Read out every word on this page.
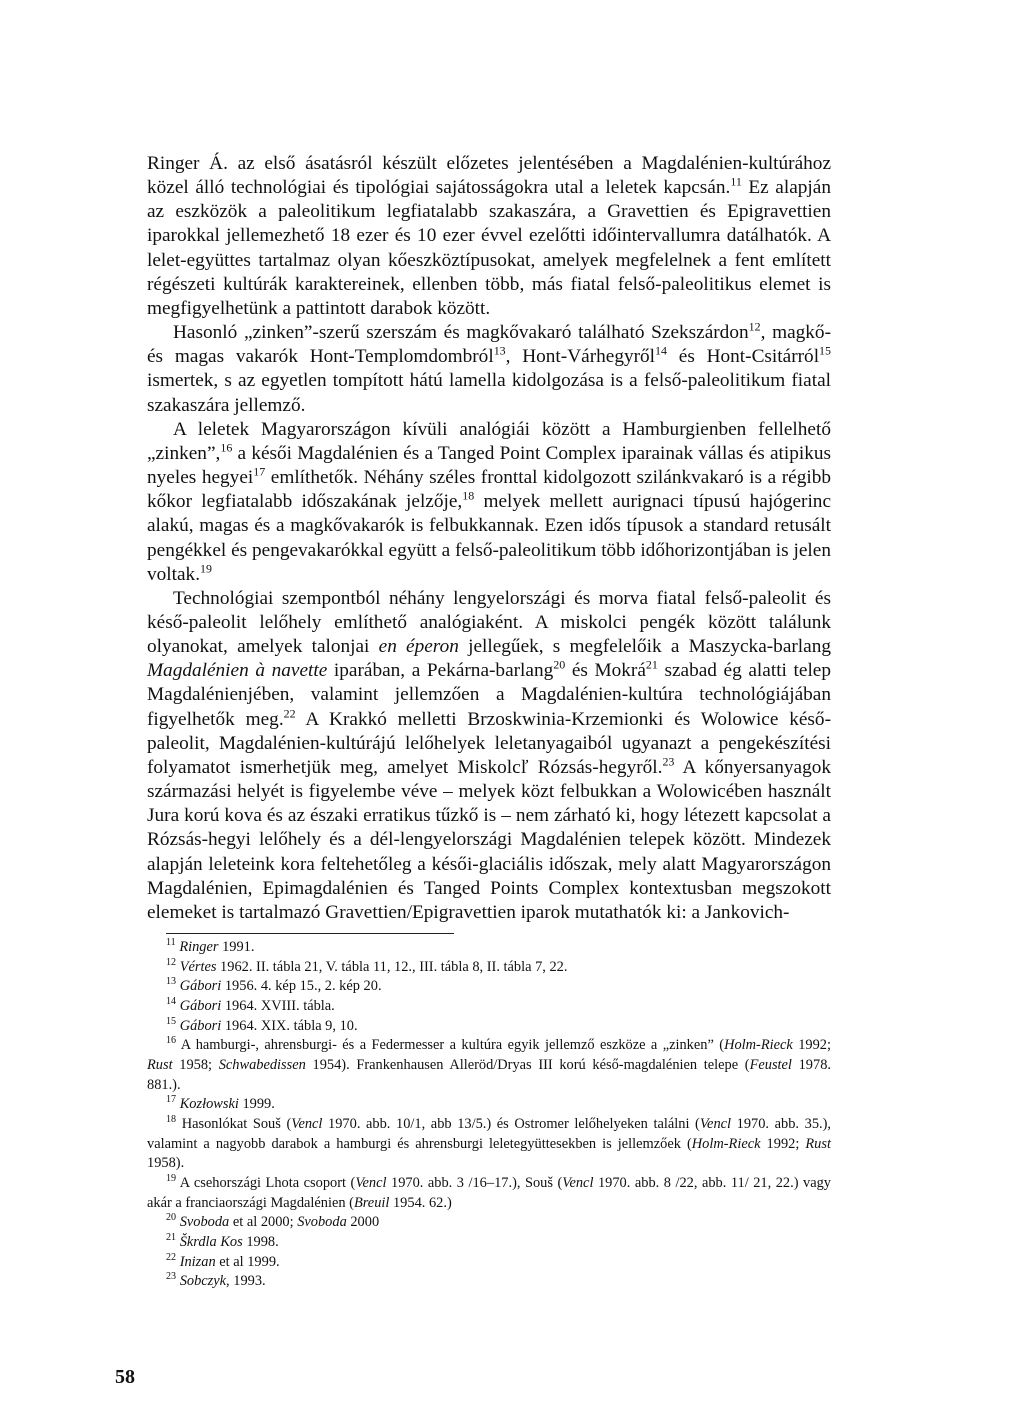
Ringer Á. az első ásatásról készült előzetes jelentésében a Magdalénien-kultúrához közel álló technológiai és tipológiai sajátosságokra utal a leletek kapcsán.$^{11}$ Ez alapján az eszközök a paleolitikum legfiatalabb szakaszára, a Gravettien és Epigravettien iparokkal jellemezhető 18 ezer és 10 ezer évvel ezelőtti időintervallumra datálhatók. A lelet-együttes tartalmaz olyan kőeszköztípusokat, amelyek megfelelnek a fent említett régészeti kultúrák karaktereinek, ellenben több, más fiatal felső-paleolitikus elemet is megfigyelhetünk a pattintott darabok között.

Hasonló „zinken”-szerű szerszám és magkővakaró található Szekszárdon$^{12}$, magkő- és magas vakarók Hont-Templomdombról$^{13}$, Hont-Várhegyről$^{14}$ és Hont-Csitárról$^{15}$ ismertek, s az egyetlen tompított hátú lamella kidolgozása is a felső-paleolitikum fiatal szakaszára jellemző.

A leletek Magyarországon kívüli analógiái között a Hamburgienben fellelhető „zinken”,$^{16}$ a késői Magdalénien és a Tanged Point Complex iparainak vállas és atipikus nyeles hegyei$^{17}$ említhetők. Néhány széles fronttal kidolgozott szilánkvakaró is a régibb kőkor legfiatalabb időszakának jelzője,$^{18}$ melyek mellett aurignaci típusú hajógerinc alakú, magas és a magkővakarók is felbukkannak. Ezen idős típusok a standard retusált pengékkel és pengevakarókkal együtt a felső-paleolitikum több időhorizontjában is jelen voltak.$^{19}$

Technológiai szempontból néhány lengyelországi és morva fiatal felső-paleolit és késő-paleolit lelőhely említhető analógiaként. A miskolci pengék között találunk olyanokat, amelyek talonjai en éperon jellegűek, s megfelelőik a Maszycka-barlang Magdalénien à navette iparában, a Pekárna-barlang$^{20}$ és Mokrá$^{21}$ szabad ég alatti telep Magdalénienjében, valamint jellemzően a Magdalénien-kultúra technológiájában figyelhetők meg.$^{22}$ A Krakkó melletti Brzoskwinia-Krzemionki és Wolowice késő-paleolit, Magdalénien-kultúrájú lelőhelyek leletanyagaiból ugyanazt a pengekészítési folyamatot ismerhetjük meg, amelyet Miskolcľ Rózsás-hegyről.$^{23}$ A kőnyersanyagok származási helyét is figyelembe véve – melyek közt felbukkan a Wolowicében használt Jura korú kova és az északi erratikus tűzkő is – nem zárható ki, hogy létezett kapcsolat a Rózsás-hegyi lelőhely és a dél-lengyelországi Magdalénien telepek között. Mindezek alapján leleteink kora feltehetőleg a késői-glaciális időszak, mely alatt Magyarországon Magdalénien, Epimagdalénien és Tanged Points Complex kontextusban megszokott elemeket is tartalmazó Gravettien/Epigravettien iparok mutathatók ki: a Jankovich-

$^{11}$ Ringer 1991.
$^{12}$ Vértes 1962. II. tábla 21, V. tábla 11, 12., III. tábla 8, II. tábla 7, 22.
$^{13}$ Gábori 1956. 4. kép 15., 2. kép 20.
$^{14}$ Gábori 1964. XVIII. tábla.
$^{15}$ Gábori 1964. XIX. tábla 9, 10.
$^{16}$ A hamburgi-, ahrensburgi- és a Federmesser a kultúra egyik jellemző eszköze a „zinken” (Holm-Rieck 1992; Rust 1958; Schwabedissen 1954). Frankenhausen Alleröd/Dryas III korú késő-magdalénien telepe (Feustel 1978. 881.).
$^{17}$ Kozłowski 1999.
$^{18}$ Hasonlókat Souš (Vencl 1970. abb. 10/1, abb 13/5.) és Ostromer lelőhelyeken találni (Vencl 1970. abb. 35.), valamint a nagyobb darabok a hamburgi és ahrensburgi leletegyüttesekben is jellemzőek (Holm-Rieck 1992; Rust 1958).
$^{19}$ A csehországi Lhota csoport (Vencl 1970. abb. 3 /16–17.), Souš (Vencl 1970. abb. 8 /22, abb. 11/ 21, 22.) vagy akár a franciaországi Magdalénien (Breuil 1954. 62.)
$^{20}$ Svoboda et al 2000; Svoboda 2000
$^{21}$ Škrdla Kos 1998.
$^{22}$ Inizan et al 1999.
$^{23}$ Sobczyk, 1993.
58
